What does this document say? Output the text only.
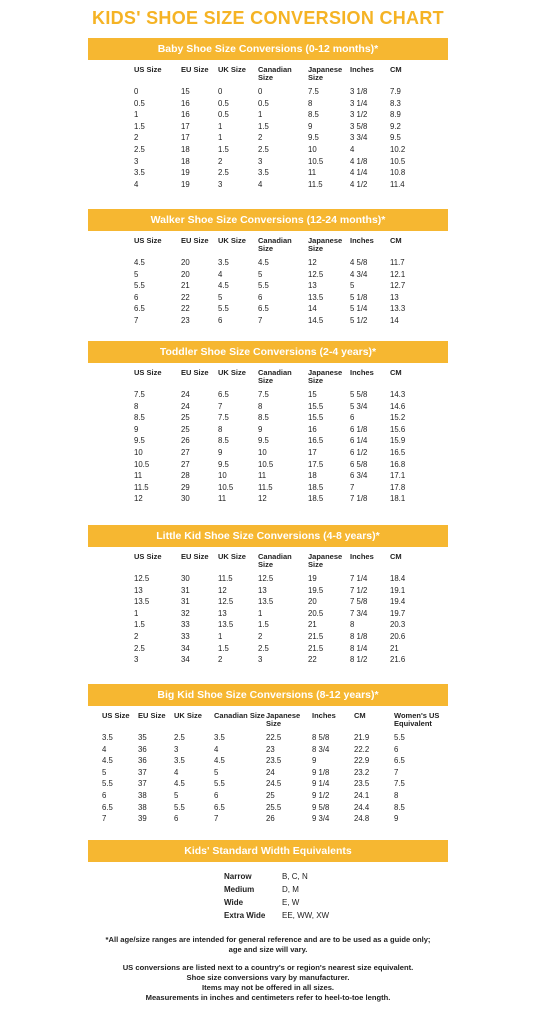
KIDS' SHOE SIZE CONVERSION CHART
Baby Shoe Size Conversions (0-12 months)*
US Size	EU Size	UK Size	Canadian Size	Japanese Size	Inches	CM
0	15	0	0	7.5	3 1/8	7.9
0.5	16	0.5	0.5	8	3 1/4	8.3
1	16	0.5	1	8.5	3 1/2	8.9
1.5	17	1	1.5	9	3 5/8	9.2
2	17	1	2	9.5	3 3/4	9.5
2.5	18	1.5	2.5	10	4	10.2
3	18	2	3	10.5	4 1/8	10.5
3.5	19	2.5	3.5	11	4 1/4	10.8
4	19	3	4	11.5	4 1/2	11.4
Walker Shoe Size Conversions (12-24 months)*
US Size	EU Size	UK Size	Canadian Size	Japanese Size	Inches	CM
4.5	20	3.5	4.5	12	4 5/8	11.7
5	20	4	5	12.5	4 3/4	12.1
5.5	21	4.5	5.5	13	5	12.7
6	22	5	6	13.5	5 1/8	13
6.5	22	5.5	6.5	14	5 1/4	13.3
7	23	6	7	14.5	5 1/2	14
Toddler Shoe Size Conversions (2-4 years)*
US Size	EU Size	UK Size	Canadian Size	Japanese Size	Inches	CM
7.5	24	6.5	7.5	15	5 5/8	14.3
8	24	7	8	15.5	5 3/4	14.6
8.5	25	7.5	8.5	15.5	6	15.2
9	25	8	9	16	6 1/8	15.6
9.5	26	8.5	9.5	16.5	6 1/4	15.9
10	27	9	10	17	6 1/2	16.5
10.5	27	9.5	10.5	17.5	6 5/8	16.8
11	28	10	11	18	6 3/4	17.1
11.5	29	10.5	11.5	18.5	7	17.8
12	30	11	12	18.5	7 1/8	18.1
Little Kid Shoe Size Conversions (4-8 years)*
US Size	EU Size	UK Size	Canadian Size	Japanese Size	Inches	CM
12.5	30	11.5	12.5	19	7 1/4	18.4
13	31	12	13	19.5	7 1/2	19.1
13.5	31	12.5	13.5	20	7 5/8	19.4
1	32	13	1	20.5	7 3/4	19.7
1.5	33	13.5	1.5	21	8	20.3
2	33	1	2	21.5	8 1/8	20.6
2.5	34	1.5	2.5	21.5	8 1/4	21
3	34	2	3	22	8 1/2	21.6
Big Kid Shoe Size Conversions (8-12 years)*
US Size	EU Size	UK Size	Canadian Size	Japanese Size	Inches	CM	Women's US Equivalent
3.5	35	2.5	3.5	22.5	8 5/8	21.9	5.5
4	36	3	4	23	8 3/4	22.2	6
4.5	36	3.5	4.5	23.5	9	22.9	6.5
5	37	4	5	24	9 1/8	23.2	7
5.5	37	4.5	5.5	24.5	9 1/4	23.5	7.5
6	38	5	6	25	9 1/2	24.1	8
6.5	38	5.5	6.5	25.5	9 5/8	24.4	8.5
7	39	6	7	26	9 3/4	24.8	9
Kids' Standard Width Equivalents
Narrow	B, C, N
Medium	D, M
Wide	E, W
Extra Wide	EE, WW, XW

*All age/size ranges are intended for general reference and are to be used as a guide only;

age and size will vary.

US conversions are listed next to a country's or region's nearest size equivalent.

Shoe size conversions vary by manufacturer.

Items may not be offered in all sizes.

Measurements in inches and centimeters refer to heel-to-toe length.
